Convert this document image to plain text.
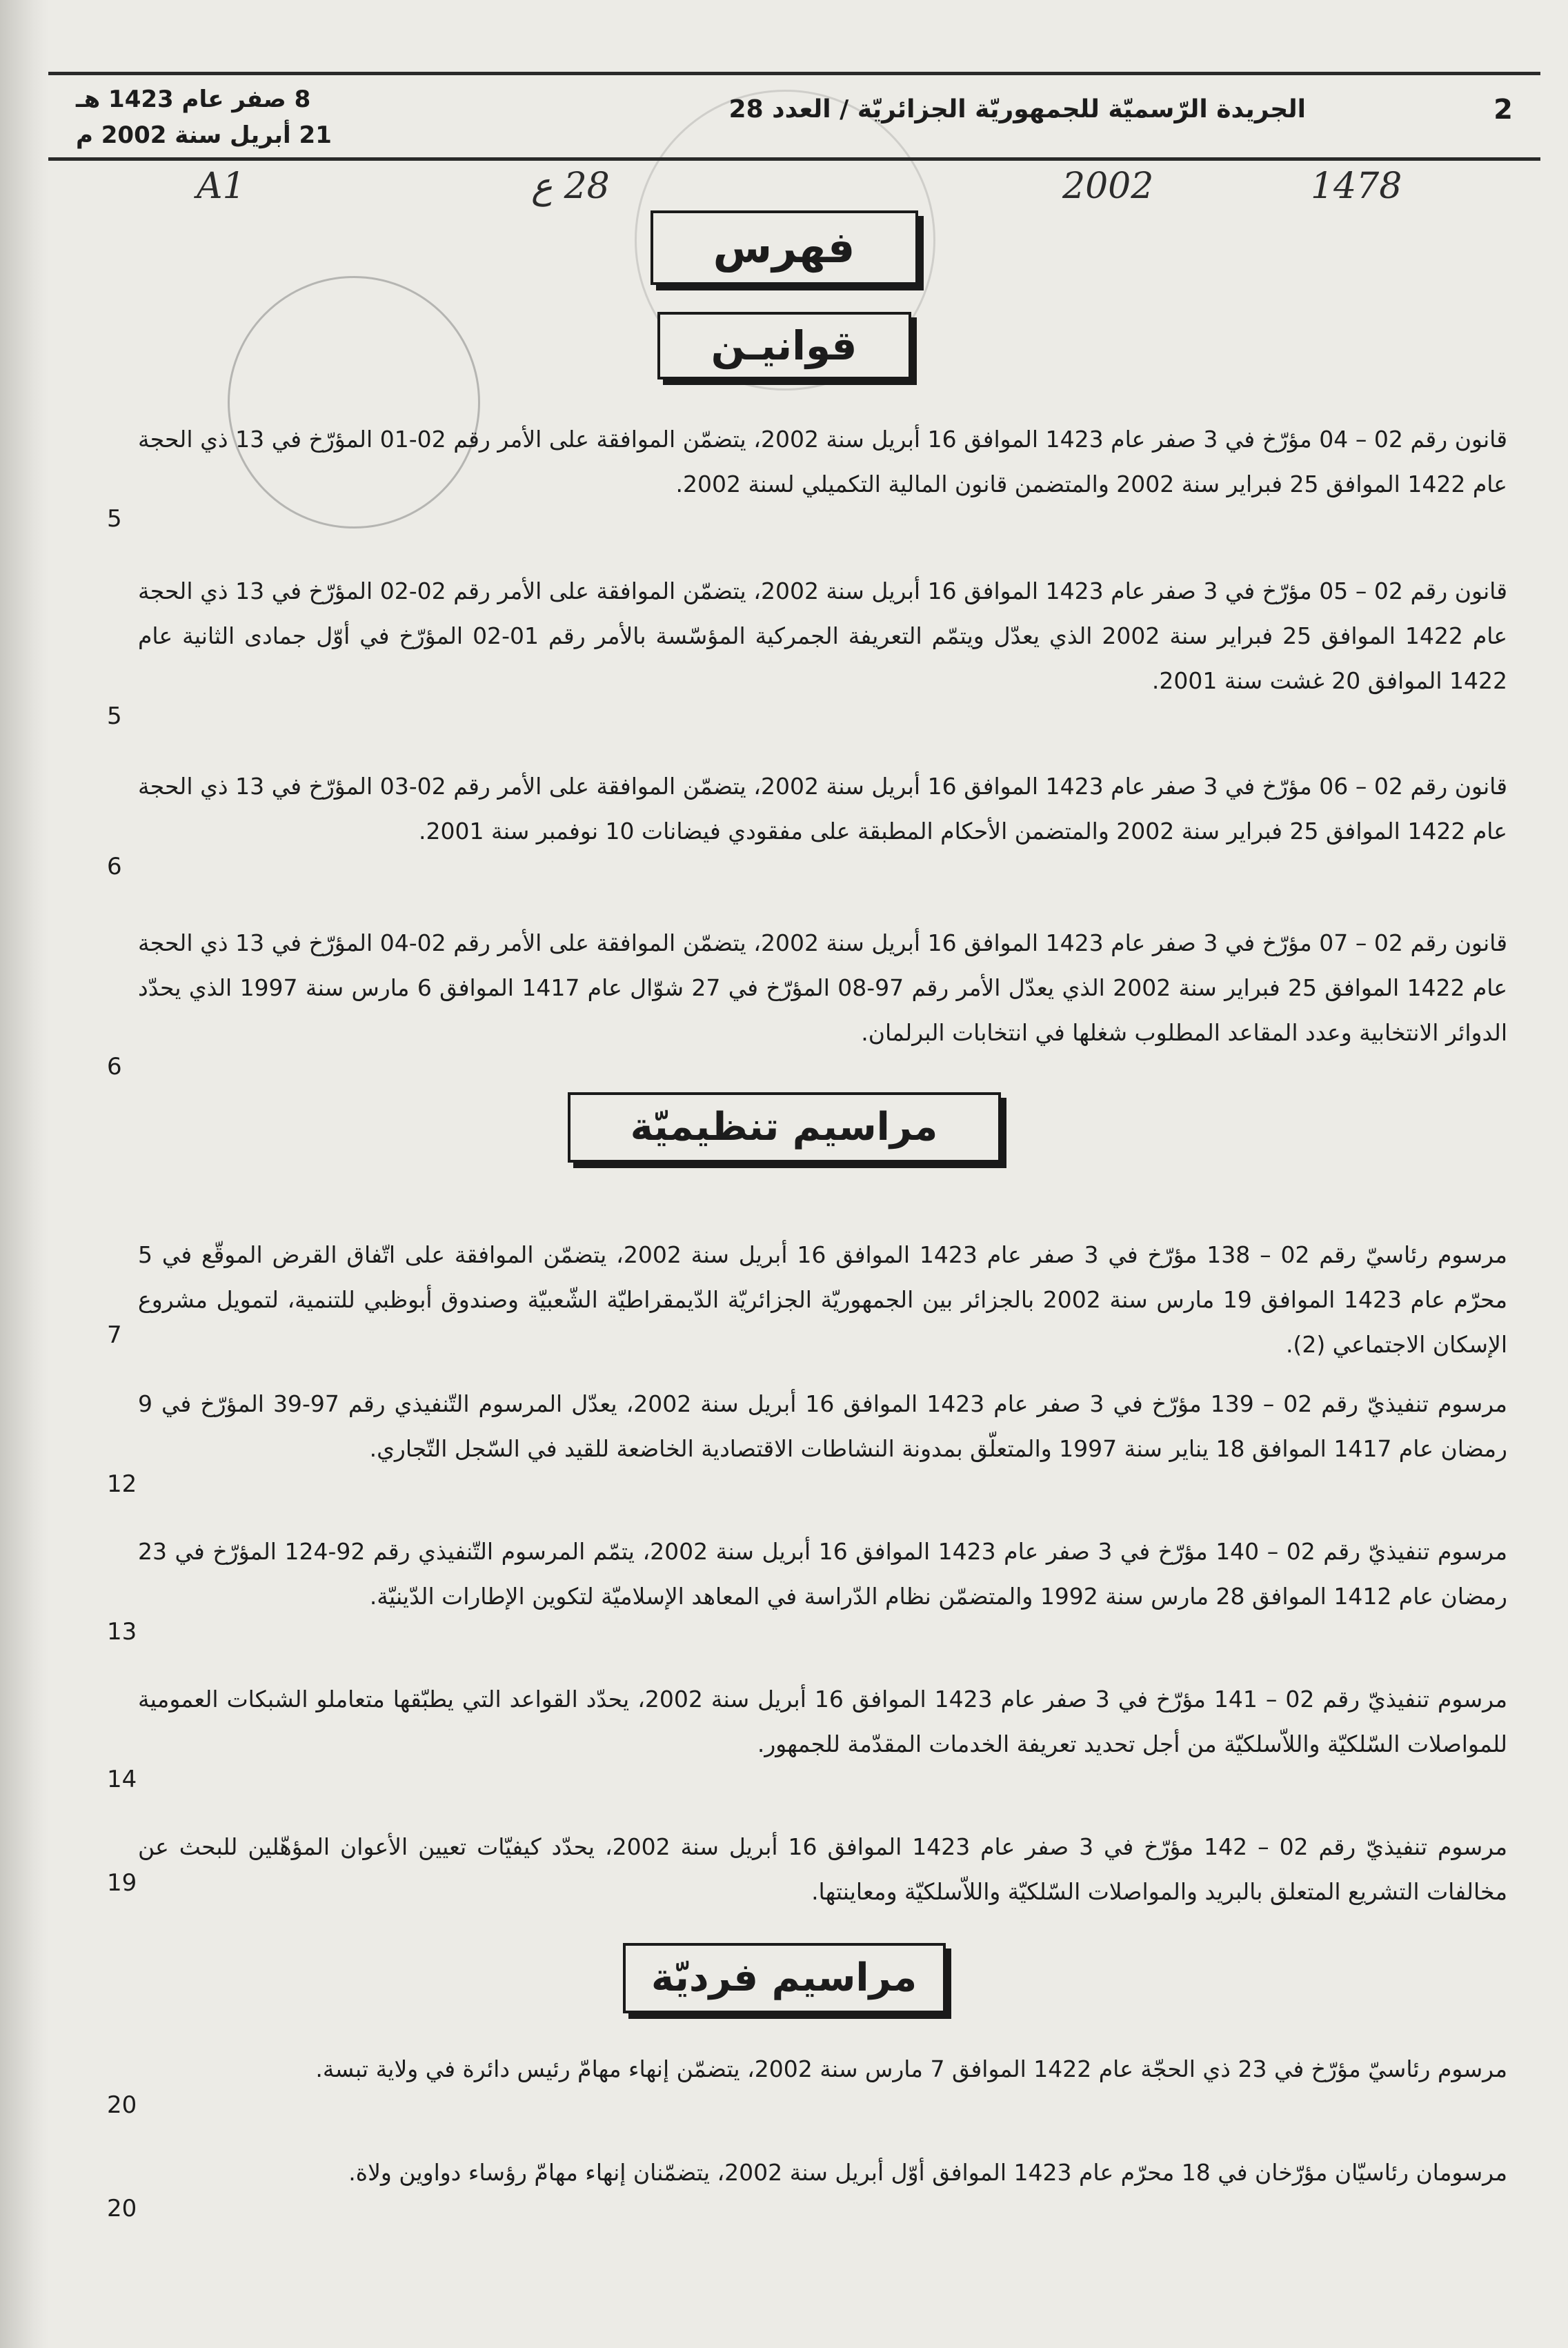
2
الجريدة الرّسميّة للجمهوريّة الجزائريّة / العدد 28
8 صفر عام 1423 هـ
21 أبريل سنة 2002 م
A1	28 ع	2002	1478
فهرس
قوانيـن
قانون رقم 02 – 04 مؤرّخ في 3 صفر عام 1423 الموافق 16 أبريل سنة 2002، يتضمّن الموافقة على الأمر رقم 02-01 المؤرّخ في 13 ذي الحجة عام 1422 الموافق 25 فبراير سنة 2002 والمتضمن قانون المالية التكميلي لسنة 2002.
5
قانون رقم 02 – 05 مؤرّخ في 3 صفر عام 1423 الموافق 16 أبريل سنة 2002، يتضمّن الموافقة على الأمر رقم 02-02 المؤرّخ في 13 ذي الحجة عام 1422 الموافق 25 فبراير سنة 2002 الذي يعدّل ويتمّم التعريفة الجمركية المؤسّسة بالأمر رقم 01-02 المؤرّخ في أوّل جمادى الثانية عام 1422 الموافق 20 غشت سنة 2001.
5
قانون رقم 02 – 06 مؤرّخ في 3 صفر عام 1423 الموافق 16 أبريل سنة 2002، يتضمّن الموافقة على الأمر رقم 02-03 المؤرّخ في 13 ذي الحجة عام 1422 الموافق 25 فبراير سنة 2002 والمتضمن الأحكام المطبقة على مفقودي فيضانات 10 نوفمبر سنة 2001.
6
قانون رقم 02 – 07 مؤرّخ في 3 صفر عام 1423 الموافق 16 أبريل سنة 2002، يتضمّن الموافقة على الأمر رقم 02-04 المؤرّخ في 13 ذي الحجة عام 1422 الموافق 25 فبراير سنة 2002 الذي يعدّل الأمر رقم 97-08 المؤرّخ في 27 شوّال عام 1417 الموافق 6 مارس سنة 1997 الذي يحدّد الدوائر الانتخابية وعدد المقاعد المطلوب شغلها في انتخابات البرلمان.
6
مراسيم تنظيميّة
مرسوم رئاسيّ رقم 02 – 138 مؤرّخ في 3 صفر عام 1423 الموافق 16 أبريل سنة 2002، يتضمّن الموافقة على اتّفاق القرض الموقّع في 5 محرّم عام 1423 الموافق 19 مارس سنة 2002 بالجزائر بين الجمهوريّة الجزائريّة الدّيمقراطيّة الشّعبيّة وصندوق أبوظبي للتنمية، لتمويل مشروع الإسكان الاجتماعي (2).
7
مرسوم تنفيذيّ رقم 02 – 139 مؤرّخ في 3 صفر عام 1423 الموافق 16 أبريل سنة 2002، يعدّل المرسوم التّنفيذي رقم 97-39 المؤرّخ في 9 رمضان عام 1417 الموافق 18 يناير سنة 1997 والمتعلّق بمدونة النشاطات الاقتصادية الخاضعة للقيد في السّجل التّجاري.
12
مرسوم تنفيذيّ رقم 02 – 140 مؤرّخ في 3 صفر عام 1423 الموافق 16 أبريل سنة 2002، يتمّم المرسوم التّنفيذي رقم 92-124 المؤرّخ في 23 رمضان عام 1412 الموافق 28 مارس سنة 1992 والمتضمّن نظام الدّراسة في المعاهد الإسلاميّة لتكوين الإطارات الدّينيّة.
13
مرسوم تنفيذيّ رقم 02 – 141 مؤرّخ في 3 صفر عام 1423 الموافق 16 أبريل سنة 2002، يحدّد القواعد التي يطبّقها متعاملو الشبكات العمومية للمواصلات السّلكيّة واللاّسلكيّة من أجل تحديد تعريفة الخدمات المقدّمة للجمهور.
14
مرسوم تنفيذيّ رقم 02 – 142 مؤرّخ في 3 صفر عام 1423 الموافق 16 أبريل سنة 2002، يحدّد كيفيّات تعيين الأعوان المؤهّلين للبحث عن مخالفات التشريع المتعلق بالبريد والمواصلات السّلكيّة واللاّسلكيّة ومعاينتها.
19
مراسيم فرديّة
مرسوم رئاسيّ مؤرّخ في 23 ذي الحجّة عام 1422 الموافق 7 مارس سنة 2002، يتضمّن إنهاء مهامّ رئيس دائرة في ولاية تبسة.
20
مرسومان رئاسيّان مؤرّخان في 18 محرّم عام 1423 الموافق أوّل أبريل سنة 2002، يتضمّنان إنهاء مهامّ رؤساء دواوين ولاة.
20
